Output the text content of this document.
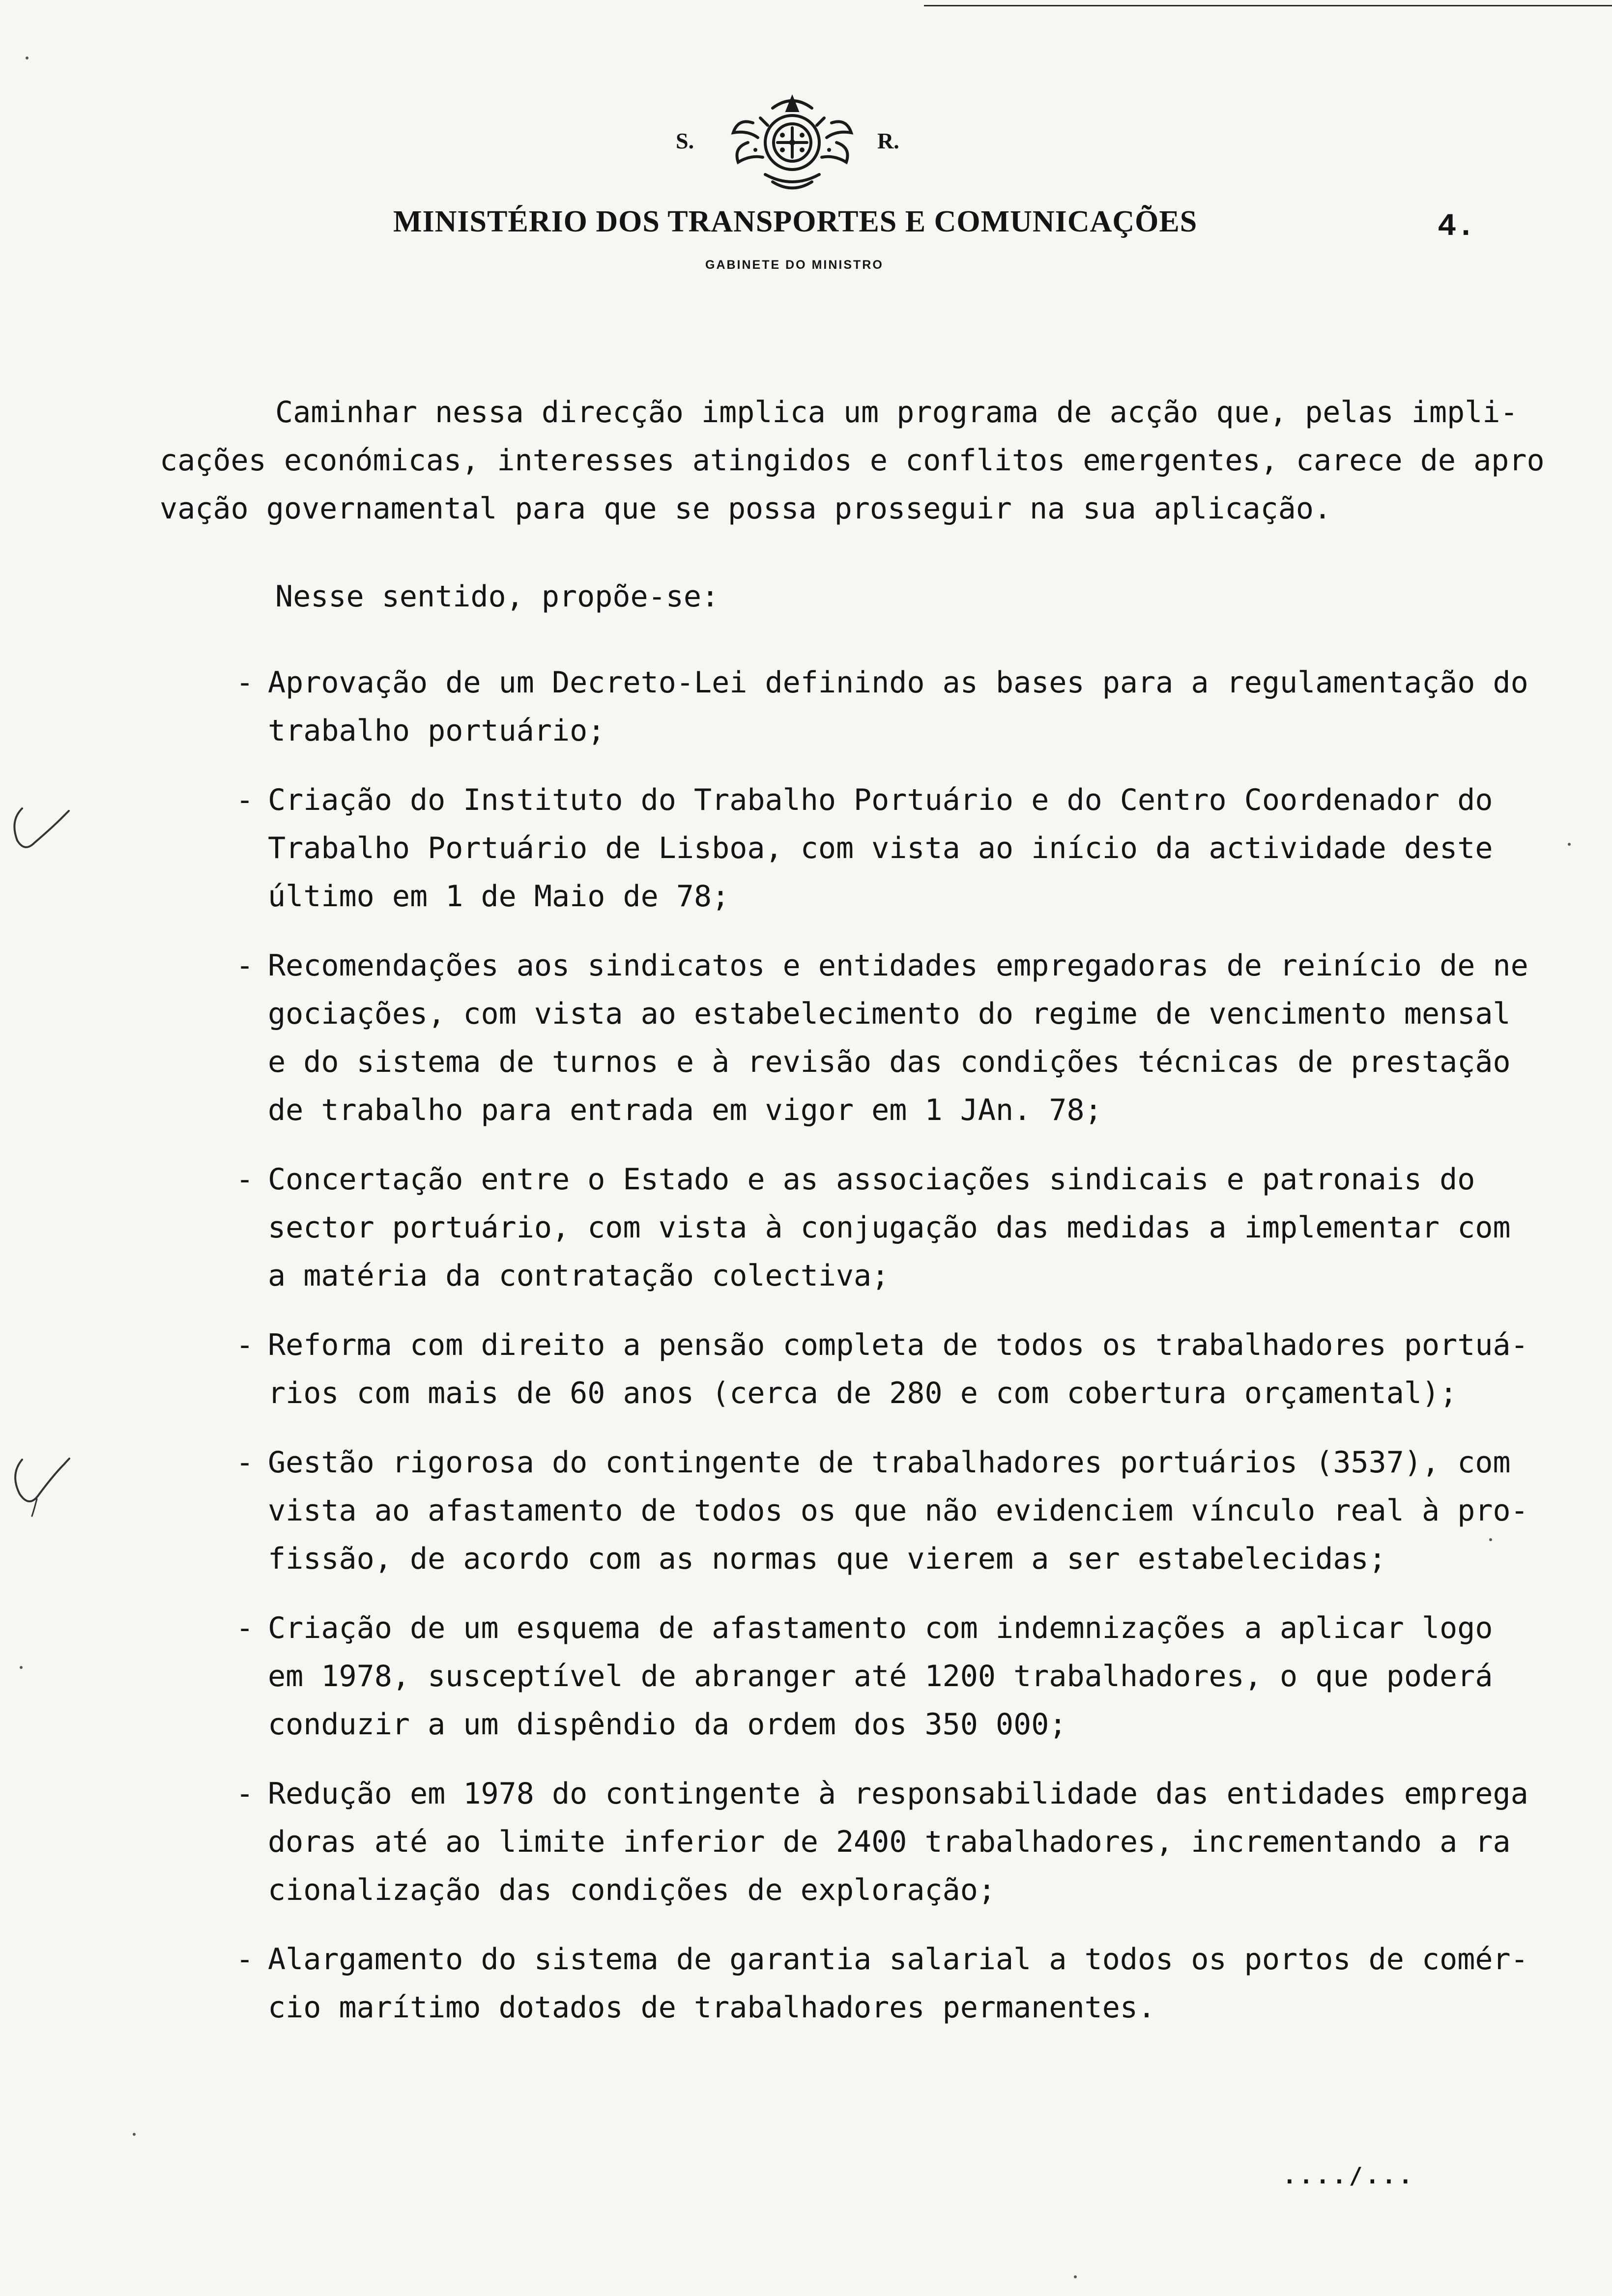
S.	R.
MINISTÉRIO DOS TRANSPORTES E COMUNICAÇÕES
GABINETE DO MINISTRO
4.
Caminhar nessa direcção implica um programa de acção que, pelas impli-
cações económicas, interesses atingidos e conflitos emergentes, carece de apro
vação governamental para que se possa prosseguir na sua aplicação.
Nesse sentido, propõe-se:
- Aprovação de um Decreto-Lei definindo as bases para a regulamentação do
trabalho portuário;
- Criação do Instituto do Trabalho Portuário e do Centro Coordenador do
Trabalho Portuário de Lisboa, com vista ao início da actividade deste
último em 1 de Maio de 78;
- Recomendações aos sindicatos e entidades empregadoras de reinício de ne
gociações, com vista ao estabelecimento do regime de vencimento mensal
e do sistema de turnos e à revisão das condições técnicas de prestação
de trabalho para entrada em vigor em 1 JAn. 78;
- Concertação entre o Estado e as associações sindicais e patronais do
sector portuário, com vista à conjugação das medidas a implementar com
a matéria da contratação colectiva;
- Reforma com direito a pensão completa de todos os trabalhadores portuá-
rios com mais de 60 anos (cerca de 280 e com cobertura orçamental);
- Gestão rigorosa do contingente de trabalhadores portuários (3537), com
vista ao afastamento de todos os que não evidenciem vínculo real à pro-
fissão, de acordo com as normas que vierem a ser estabelecidas;
- Criação de um esquema de afastamento com indemnizações a aplicar logo
em 1978, susceptível de abranger até 1200 trabalhadores, o que poderá
conduzir a um dispêndio da ordem dos 350 000;
- Redução em 1978 do contingente à responsabilidade das entidades emprega
doras até ao limite inferior de 2400 trabalhadores, incrementando a ra
cionalização das condições de exploração;
- Alargamento do sistema de garantia salarial a todos os portos de comér-
cio marítimo dotados de trabalhadores permanentes.
..../...
